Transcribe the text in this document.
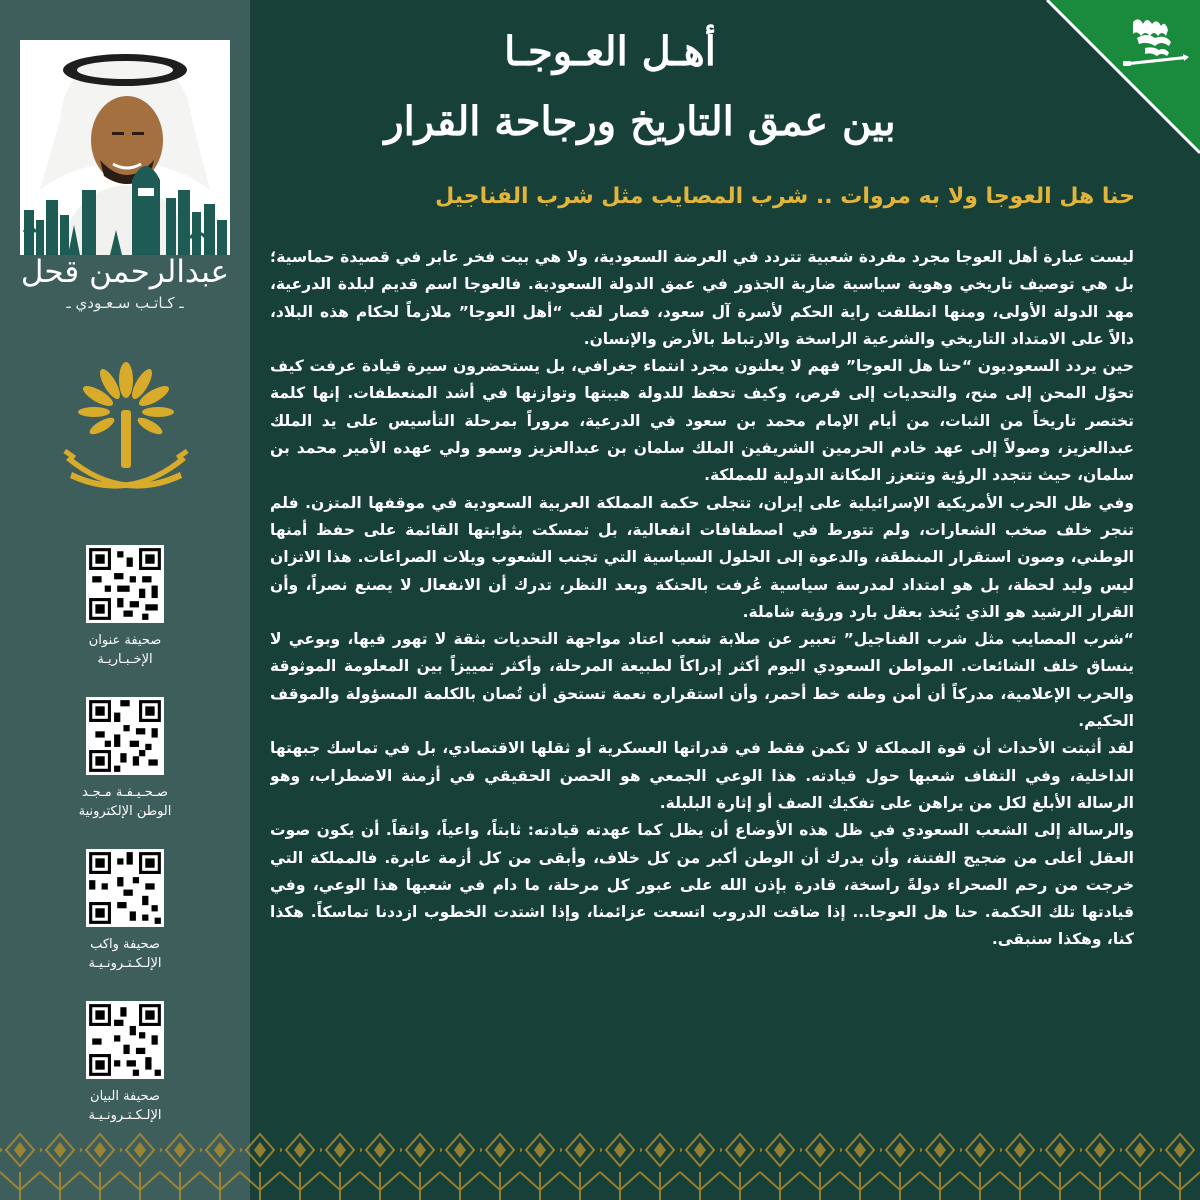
عبدالرحمن قحل
ـ كـاتـب سـعـودي ـ
صحيفة عنوان
الإخـبـاريـة
صـحـيـفـة مـجـد
الوطن الإلكترونية
صحيفة واكب
الإلـكـتـرونـيـة
صحيفة البيان
الإلـكـتـرونـيـة
أهـل العـوجـا
بين عمق التاريخ ورجاحة القرار
حنا هل العوجا ولا به مروات .. شرب المصايب مثل شرب الفناجيل

ليست عبارة أهل العوجا مجرد مفردة شعبية تتردد في العرضة السعودية، ولا هي بيت فخر عابر في قصيدة حماسية؛ بل هي توصيف تاريخي وهوية سياسية ضاربة الجذور في عمق الدولة السعودية. فالعوجا اسم قديم لبلدة الدرعية، مهد الدولة الأولى، ومنها انطلقت راية الحكم لأسرة آل سعود، فصار لقب “أهل العوجا” ملازماً لحكام هذه البلاد، دالاً على الامتداد التاريخي والشرعية الراسخة والارتباط بالأرض والإنسان.

حين يردد السعوديون “حنا هل العوجا” فهم لا يعلنون مجرد انتماء جغرافي، بل يستحضرون سيرة قيادة عرفت كيف تحوّل المحن إلى منح، والتحديات إلى فرص، وكيف تحفظ للدولة هيبتها وتوازنها في أشد المنعطفات. إنها كلمة تختصر تاريخاً من الثبات، من أيام الإمام محمد بن سعود في الدرعية، مروراً بمرحلة التأسيس على يد الملك عبدالعزيز، وصولاً إلى عهد خادم الحرمين الشريفين الملك سلمان بن عبدالعزيز وسمو ولي عهده الأمير محمد بن سلمان، حيث تتجدد الرؤية وتتعزز المكانة الدولية للمملكة.

وفي ظل الحرب الأمريكية الإسرائيلية على إيران، تتجلى حكمة المملكة العربية السعودية في موقفها المتزن. فلم تنجر خلف صخب الشعارات، ولم تتورط في اصطفافات انفعالية، بل تمسكت بثوابتها القائمة على حفظ أمنها الوطني، وصون استقرار المنطقة، والدعوة إلى الحلول السياسية التي تجنب الشعوب ويلات الصراعات. هذا الاتزان ليس وليد لحظة، بل هو امتداد لمدرسة سياسية عُرفت بالحنكة وبعد النظر، تدرك أن الانفعال لا يصنع نصراً، وأن القرار الرشيد هو الذي يُتخذ بعقل بارد ورؤية شاملة.

“شرب المصايب مثل شرب الفناجيل” تعبير عن صلابة شعب اعتاد مواجهة التحديات بثقة لا تهور فيها، وبوعي لا ينساق خلف الشائعات. المواطن السعودي اليوم أكثر إدراكاً لطبيعة المرحلة، وأكثر تمييزاً بين المعلومة الموثوقة والحرب الإعلامية، مدركاً أن أمن وطنه خط أحمر، وأن استقراره نعمة تستحق أن تُصان بالكلمة المسؤولة والموقف الحكيم.

لقد أثبتت الأحداث أن قوة المملكة لا تكمن فقط في قدراتها العسكرية أو ثقلها الاقتصادي، بل في تماسك جبهتها الداخلية، وفي التفاف شعبها حول قيادته. هذا الوعي الجمعي هو الحصن الحقيقي في أزمنة الاضطراب، وهو الرسالة الأبلغ لكل من يراهن على تفكيك الصف أو إثارة البلبلة.

والرسالة إلى الشعب السعودي في ظل هذه الأوضاع أن يظل كما عهدته قيادته: ثابتاً، واعياً، واثقاً. أن يكون صوت العقل أعلى من ضجيج الفتنة، وأن يدرك أن الوطن أكبر من كل خلاف، وأبقى من كل أزمة عابرة. فالمملكة التي خرجت من رحم الصحراء دولةً راسخة، قادرة بإذن الله على عبور كل مرحلة، ما دام في شعبها هذا الوعي، وفي قيادتها تلك الحكمة. حنا هل العوجا... إذا ضاقت الدروب اتسعت عزائمنا، وإذا اشتدت الخطوب ازددنا تماسكاً. هكذا كنا، وهكذا سنبقى.
